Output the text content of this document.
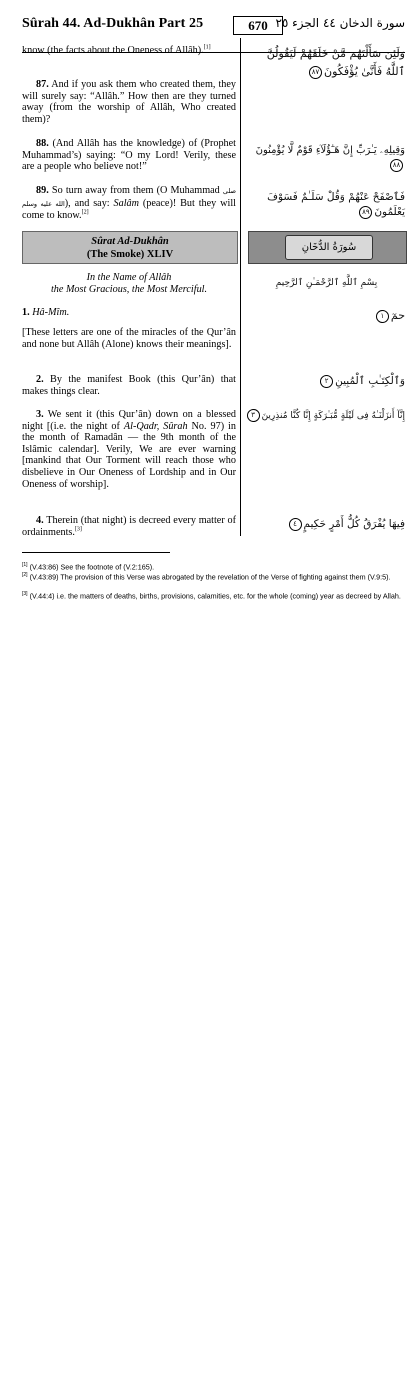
Sûrah 44. Ad-Dukhân Part 25	670 سورة الدخان ٤٤ الجزء ٢٥
know (the facts about the Oneness of Allâh).[1]
87. And if you ask them who created them, they will surely say: “Allâh.” How then are they turned away (from the worship of Allâh, Who created them)?
88. (And Allâh has the knowledge) of (Prophet Muhammad’s) saying: “O my Lord! Verily, these are a people who believe not!”
89. So turn away from them (O Muhammad صلى الله عليه وسلم), and say: Salâm (peace)! But they will come to know.[2]
وَلَئِن سَأَلْتَهُم مَّنْ خَلَقَهُمْ لَيَقُولُنَّ ٱللَّهُ فَأَنَّىٰ يُؤْفَكُونَ٨٧
وَقِيلِهِۦ يَـٰرَبِّ إِنَّ هَـٰٓؤُلَآءِ قَوْمٌ لَّا يُؤْمِنُونَ٨٨
فَٱصْفَحْ عَنْهُمْ وَقُلْ سَلَـٰمٌ فَسَوْفَ يَعْلَمُونَ٨٩
Sûrat Ad-Dukhân
(The Smoke) XLIV
سُورَةُ الدُّخَانِ
In the Name of Allâh
the Most Gracious, the Most Merciful.
بِسْمِ ٱللَّهِ ٱلرَّحْمَـٰنِ ٱلرَّحِيمِ
1. Hâ-Mîm.
[These letters are one of the miracles of the Qur’ân and none but Allâh (Alone) knows their meanings].
2. By the manifest Book (this Qur’ân) that makes things clear.
3. We sent it (this Qur’ân) down on a blessed night [(i.e. the night of Al-Qadr, Sûrah No. 97) in the month of Ramadân — the 9th month of the Islâmic calendar]. Verily, We are ever warning [mankind that Our Torment will reach those who disbelieve in Our Oneness of Lordship and in Our Oneness of worship].
4. Therein (that night) is decreed every matter of ordainments.[3]
حمٓ١
وَٱلْكِتَـٰبِ ٱلْمُبِينِ٢
إِنَّآ أَنزَلْنَـٰهُ فِى لَيْلَةٍ مُّبَـٰرَكَةٍ إِنَّا كُنَّا مُنذِرِينَ٣
فِيهَا يُفْرَقُ كُلُّ أَمْرٍ حَكِيمٍ٤
[1] (V.43:86) See the footnote of (V.2:165).
[2] (V.43:89) The provision of this Verse was abrogated by the revelation of the Verse of fighting against them (V.9:5).
[3] (V.44:4) i.e. the matters of deaths, births, provisions, calamities, etc. for the whole (coming) year as decreed by Allah.
